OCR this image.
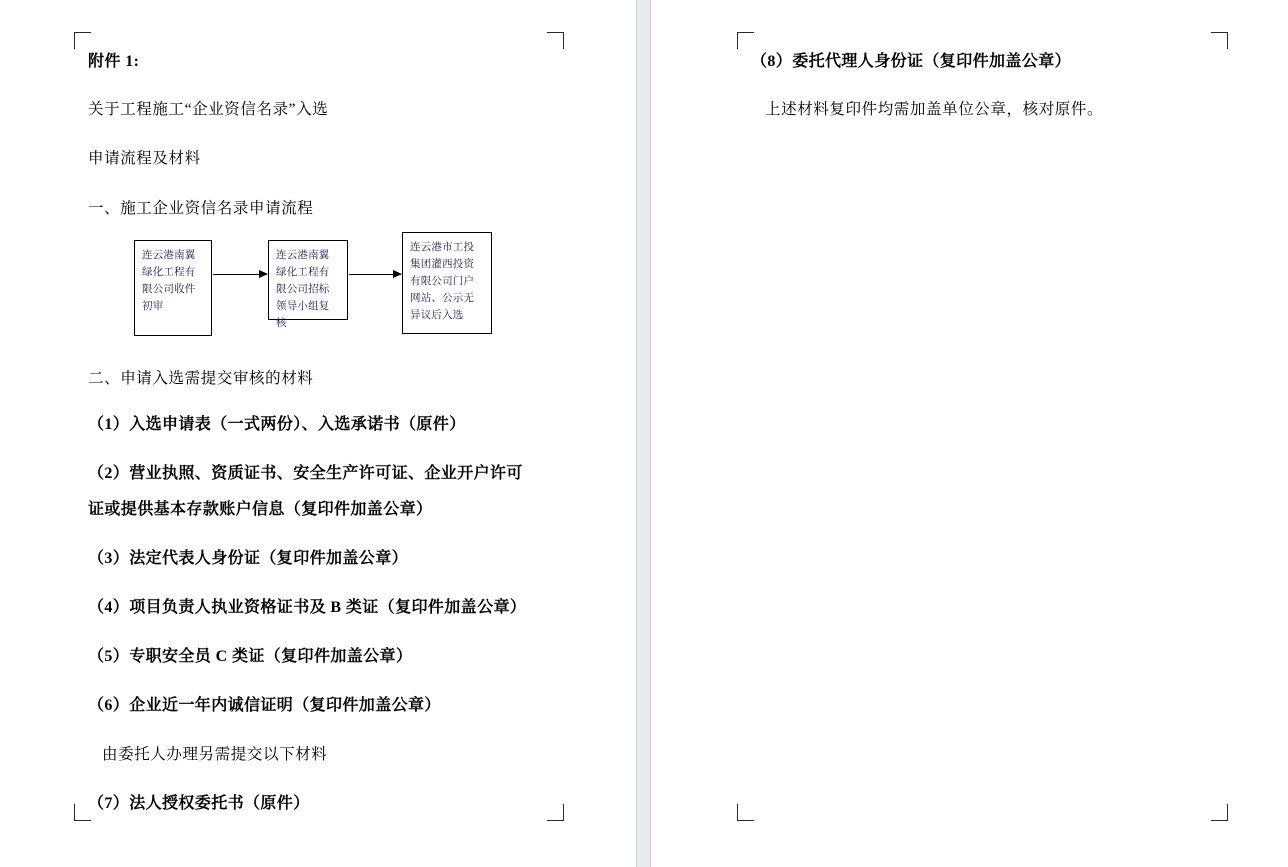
附件 1:

关于工程施工“企业资信名录”入选

申请流程及材料

一、施工企业资信名录申请流程

连云港南翼绿化工程有限公司收件初审
连云港南翼绿化工程有限公司招标领导小组复核
连云港市工投集团灌西投资有限公司门户网站、公示无异议后入选

二、申请入选需提交审核的材料

（1）入选申请表（一式两份）、入选承诺书（原件）

（2）营业执照、资质证书、安全生产许可证、企业开户许可

证或提供基本存款账户信息（复印件加盖公章）

（3）法定代表人身份证（复印件加盖公章）

（4）项目负责人执业资格证书及 B 类证（复印件加盖公章）

（5）专职安全员 C 类证（复印件加盖公章）

（6）企业近一年内诚信证明（复印件加盖公章）

由委托人办理另需提交以下材料

（7）法人授权委托书（原件）

（8）委托代理人身份证（复印件加盖公章）

上述材料复印件均需加盖单位公章，核对原件。
